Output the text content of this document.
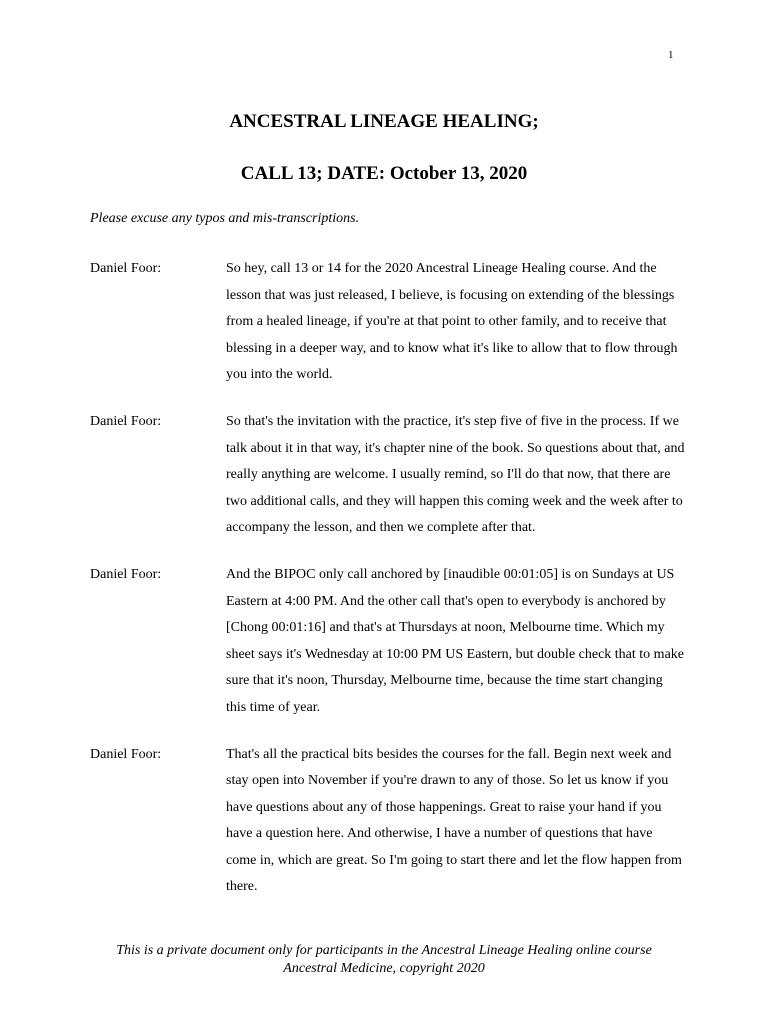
1
ANCESTRAL LINEAGE HEALING;
CALL 13; DATE: October 13, 2020

Please excuse any typos and mis-transcriptions.

Daniel Foor:	So hey, call 13 or 14 for the 2020 Ancestral Lineage Healing course. And the lesson that was just released, I believe, is focusing on extending of the blessings from a healed lineage, if you're at that point to other family, and to receive that blessing in a deeper way, and to know what it's like to allow that to flow through you into the world.

Daniel Foor:	So that's the invitation with the practice, it's step five of five in the process. If we talk about it in that way, it's chapter nine of the book. So questions about that, and really anything are welcome. I usually remind, so I'll do that now, that there are two additional calls, and they will happen this coming week and the week after to accompany the lesson, and then we complete after that.

Daniel Foor:	And the BIPOC only call anchored by [inaudible 00:01:05] is on Sundays at US Eastern at 4:00 PM. And the other call that's open to everybody is anchored by [Chong 00:01:16] and that's at Thursdays at noon, Melbourne time. Which my sheet says it's Wednesday at 10:00 PM US Eastern, but double check that to make sure that it's noon, Thursday, Melbourne time, because the time start changing this time of year.

Daniel Foor:	That's all the practical bits besides the courses for the fall. Begin next week and stay open into November if you're drawn to any of those. So let us know if you have questions about any of those happenings. Great to raise your hand if you have a question here. And otherwise, I have a number of questions that have come in, which are great. So I'm going to start there and let the flow happen from there.

This is a private document only for participants in the Ancestral Lineage Healing online course
Ancestral Medicine, copyright 2020
